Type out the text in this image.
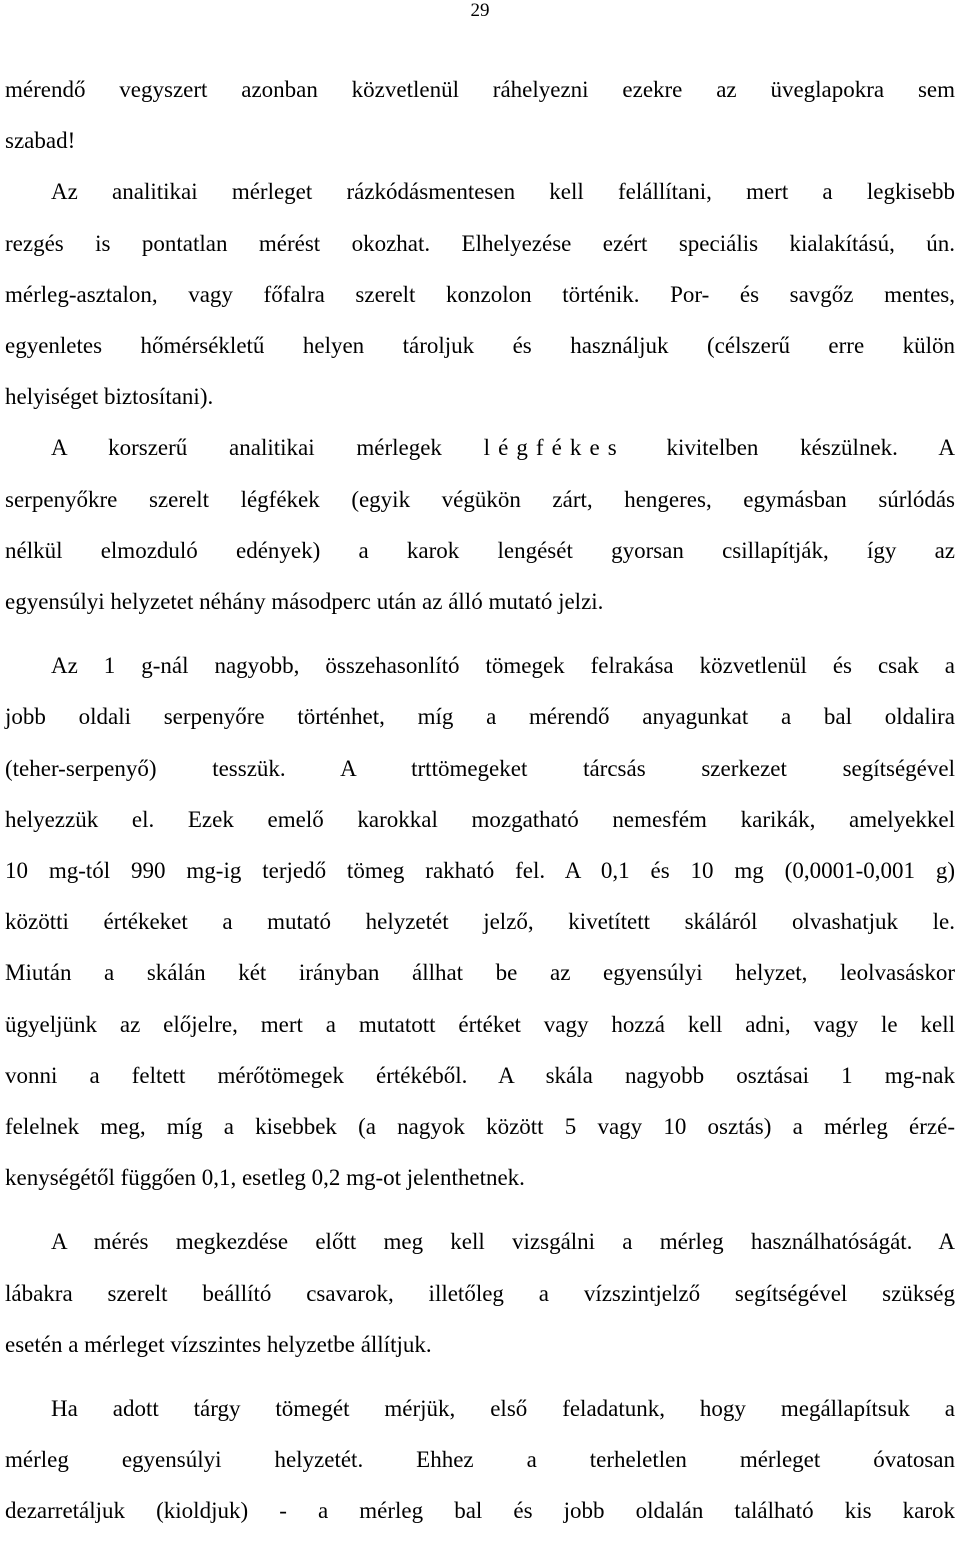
29

mérendő vegyszert azonban közvetlenül ráhelyezni ezekre az üveglapokra sem
szabad!

Az analitikai mérleget rázkódásmentesen kell felállítani, mert a legkisebb
rezgés is pontatlan mérést okozhat. Elhelyezése ezért speciális kialakítású, ún.
mérleg-asztalon, vagy főfalra szerelt konzolon történik. Por- és savgőz mentes,
egyenletes hőmérsékletű helyen tároljuk és használjuk (célszerű erre külön
helyiséget biztosítani).

A korszerű analitikai mérlegek légfékes kivitelben készülnek. A
serpenyőkre szerelt légfékek (egyik végükön zárt, hengeres, egymásban súrlódás
nélkül elmozduló edények) a karok lengését gyorsan csillapítják, így az
egyensúlyi helyzetet néhány másodperc után az álló mutató jelzi.

Az 1 g-nál nagyobb, összehasonlító tömegek felrakása közvetlenül és csak a
jobb oldali serpenyőre történhet, míg a mérendő anyagunkat a bal oldalira
(teher-serpenyő) tesszük. A trttömegeket tárcsás szerkezet segítségével
helyezzük el. Ezek emelő karokkal mozgatható nemesfém karikák, amelyekkel
10 mg-tól 990 mg-ig terjedő tömeg rakható fel. A 0,1 és 10 mg (0,0001-0,001 g)
közötti értékeket a mutató helyzetét jelző, kivetített skáláról olvashatjuk le.
Miután a skálán két irányban állhat be az egyensúlyi helyzet, leolvasáskor
ügyeljünk az előjelre, mert a mutatott értéket vagy hozzá kell adni, vagy le kell
vonni a feltett mérőtömegek értékéből. A skála nagyobb osztásai 1 mg-nak
felelnek meg, míg a kisebbek (a nagyok között 5 vagy 10 osztás) a mérleg érzé-
kenységétől függően 0,1, esetleg 0,2 mg-ot jelenthetnek.

A mérés megkezdése előtt meg kell vizsgálni a mérleg használhatóságát. A
lábakra szerelt beállító csavarok, illetőleg a vízszintjelző segítségével szükség
esetén a mérleget vízszintes helyzetbe állítjuk.

Ha adott tárgy tömegét mérjük, első feladatunk, hogy megállapítsuk a
mérleg egyensúlyi helyzetét. Ehhez a terheletlen mérleget óvatosan
dezarretáljuk (kioldjuk) - a mérleg bal és jobb oldalán található kis karok
